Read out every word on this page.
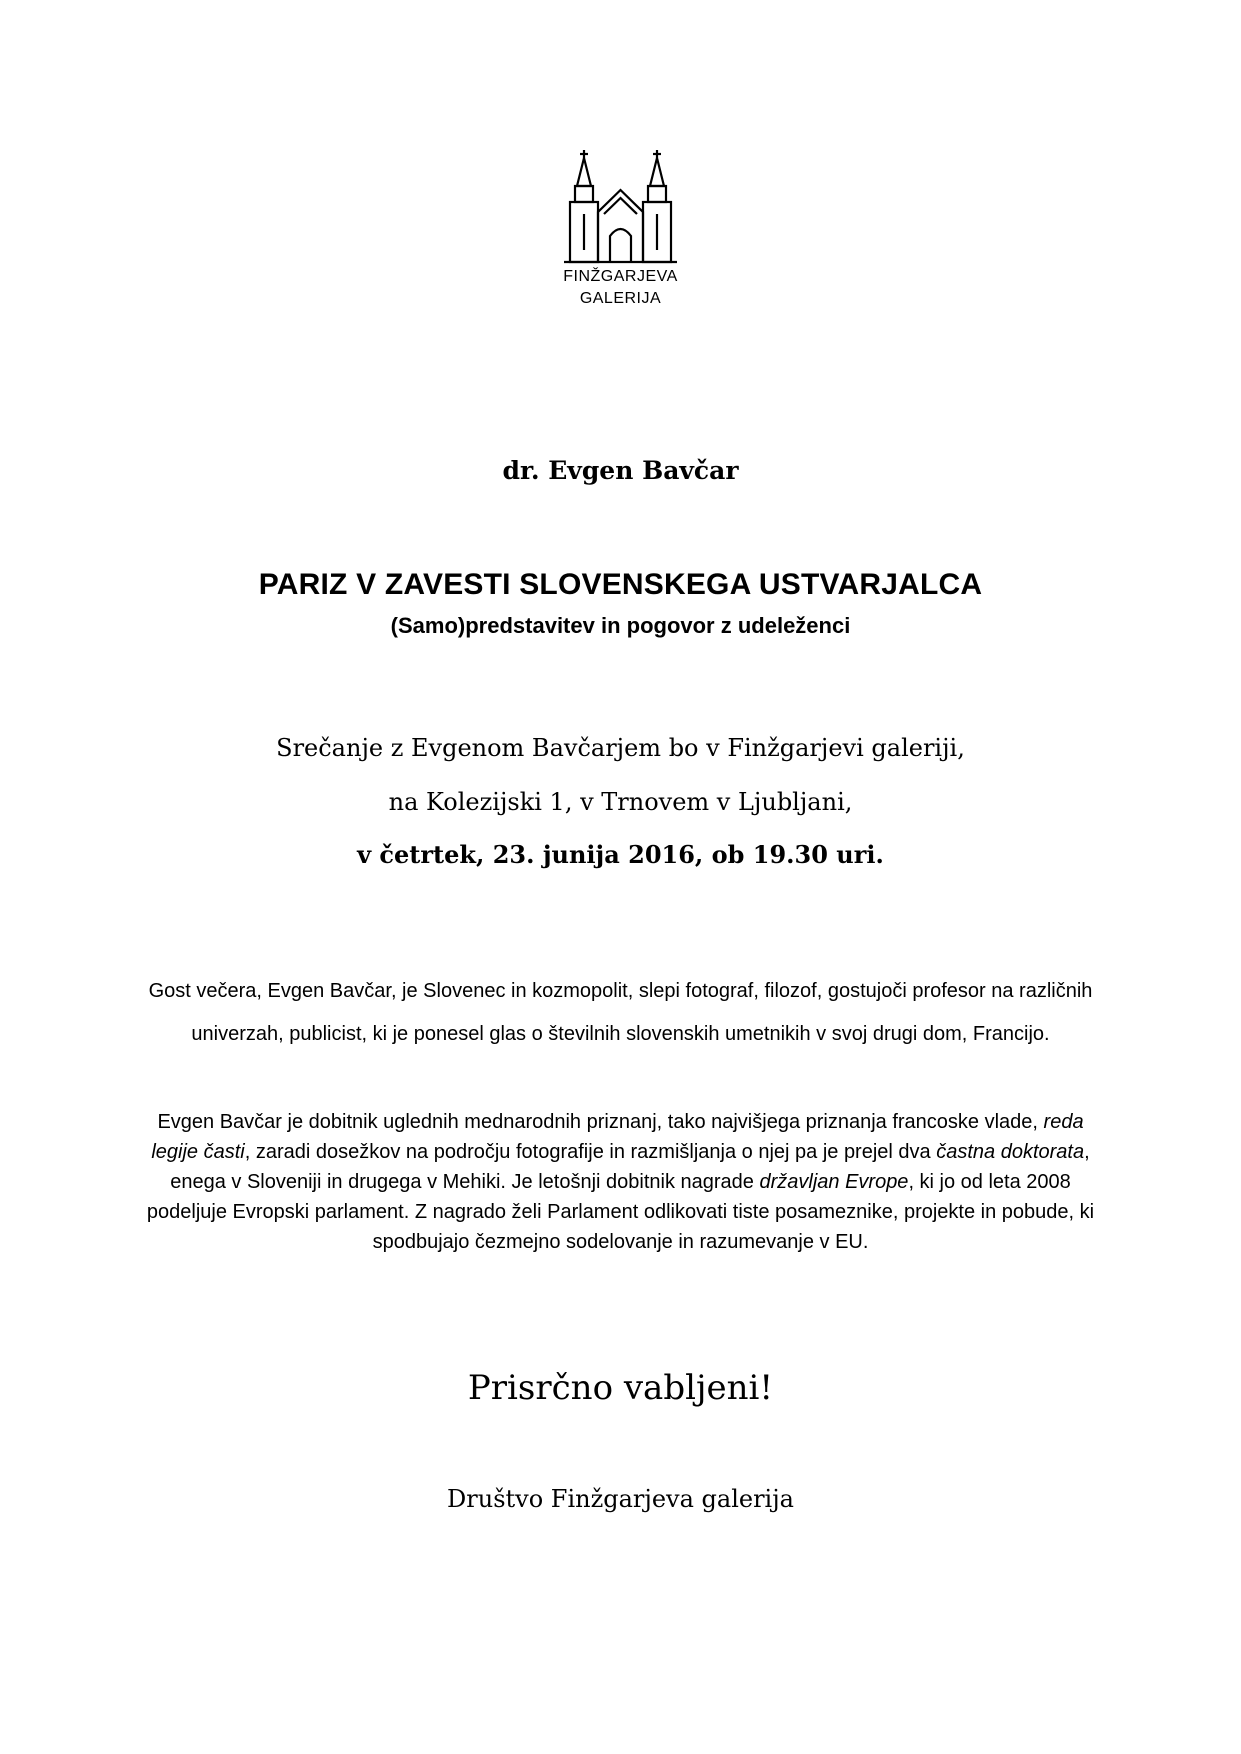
FINŽGARJEVA
GALERIJA

dr. Evgen Bavčar

PARIZ V ZAVESTI SLOVENSKEGA USTVARJALCA

(Samo)predstavitev in pogovor z udeleženci

Srečanje z Evgenom Bavčarjem bo v Finžgarjevi galeriji,

na Kolezijski 1, v Trnovem v Ljubljani,

v četrtek, 23. junija 2016, ob 19.30 uri.

Gost večera, Evgen Bavčar, je Slovenec in kozmopolit, slepi fotograf, filozof, gostujoči profesor na različnih univerzah, publicist, ki je ponesel glas o številnih slovenskih umetnikih v svoj drugi dom, Francijo.

Evgen Bavčar je dobitnik uglednih mednarodnih priznanj, tako najvišjega priznanja francoske vlade, reda legije časti, zaradi dosežkov na področju fotografije in razmišljanja o njej pa je prejel dva častna doktorata, enega v Sloveniji in drugega v Mehiki. Je letošnji dobitnik nagrade državljan Evrope, ki jo od leta 2008 podeljuje Evropski parlament. Z nagrado želi Parlament odlikovati tiste posameznike, projekte in pobude, ki spodbujajo čezmejno sodelovanje in razumevanje v EU.

Prisrčno vabljeni!

Društvo Finžgarjeva galerija
